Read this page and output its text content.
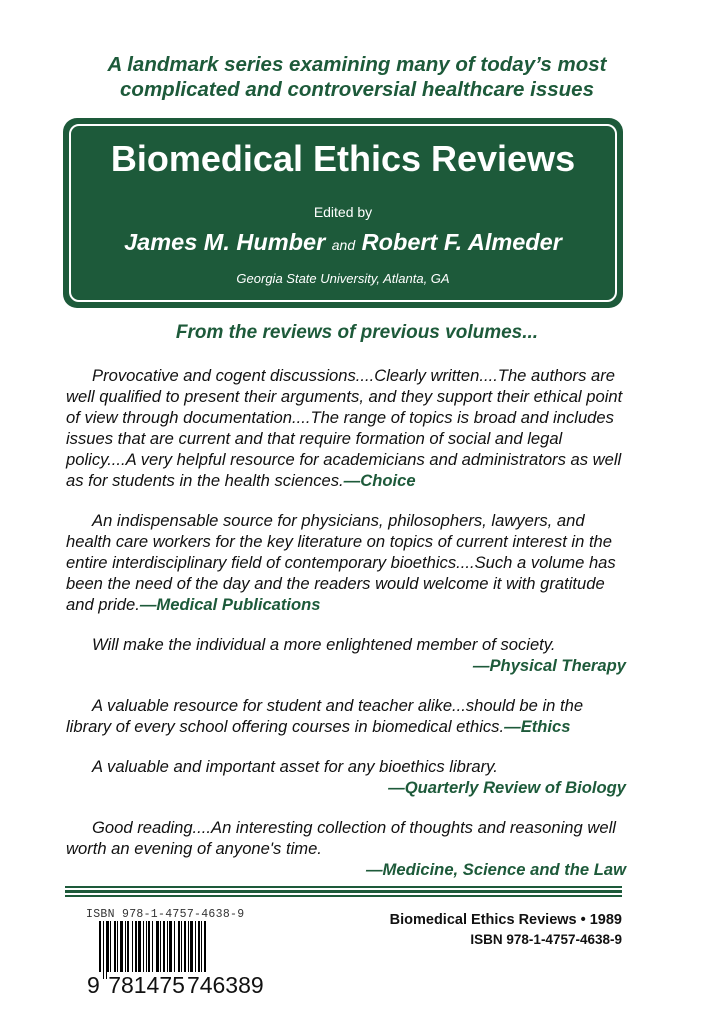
A landmark series examining many of today’s most
complicated and controversial healthcare issues
Biomedical Ethics Reviews
Edited by
James M. Humber and Robert F. Almeder
Georgia State University, Atlanta, GA
From the reviews of previous volumes...

Provocative and cogent discussions....Clearly written....The authors are well qualified to present their arguments, and they support their ethical point of view through documentation....The range of topics is broad and includes issues that are current and that require formation of social and legal policy....A very helpful resource for academicians and administrators as well as for students in the health sciences.—Choice

An indispensable source for physicians, philosophers, lawyers, and health care workers for the key literature on topics of current interest in the entire interdisciplinary field of contemporary bioethics....Such a volume has been the need of the day and the readers would welcome it with gratitude and pride.—Medical Publications

Will make the individual a more enlightened member of society.
—Physical Therapy

A valuable resource for student and teacher alike...should be in the library of every school offering courses in biomedical ethics.—Ethics

A valuable and important asset for any bioethics library.
—Quarterly Review of Biology

Good reading....An interesting collection of thoughts and reasoning well worth an evening of anyone's time.
—Medicine, Science and the Law

ISBN 978-1-4757-4638-9
9 781475746389
Biomedical Ethics Reviews • 1989
ISBN 978-1-4757-4638-9
